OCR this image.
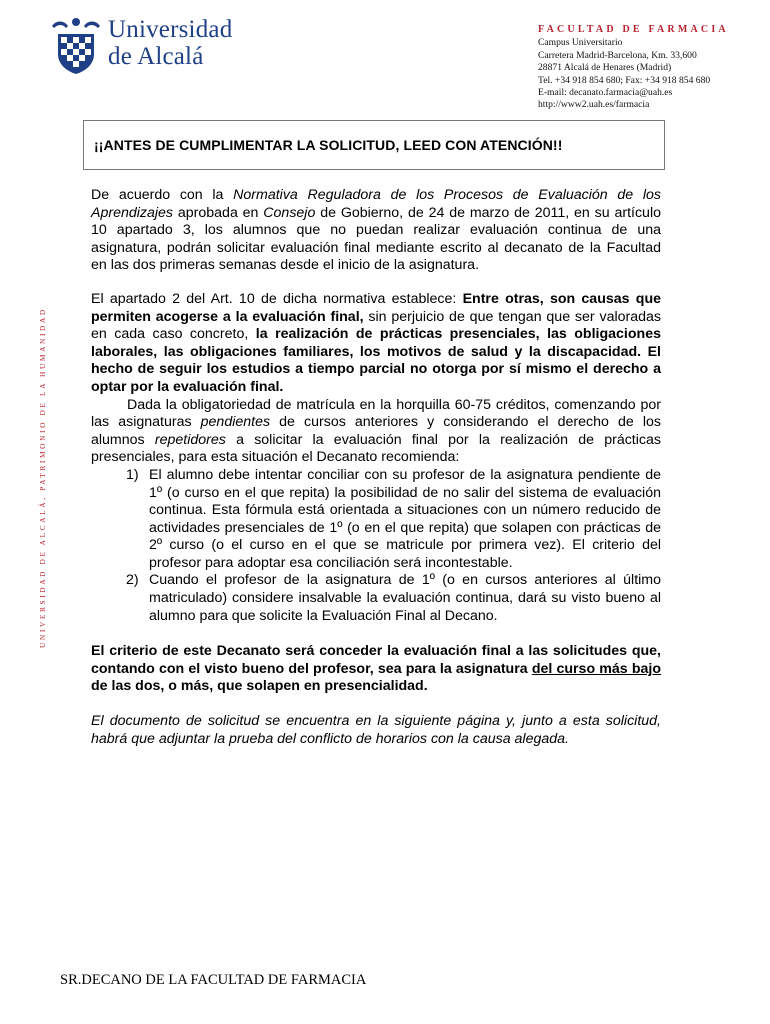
Universidad
de Alcalá
FACULTAD DE FARMACIA
Campus Universitario
Carretera Madrid-Barcelona, Km. 33,600
28871 Alcalá de Henares (Madrid)
Tel. +34 918 854 680; Fax: +34 918 854 680
E-mail: decanato.farmacia@uah.es
http://www2.uah.es/farmacia
UNIVERSIDAD DE ALCALÁ, PATRIMONIO DE LA HUMANIDAD
¡¡ANTES DE CUMPLIMENTAR LA SOLICITUD, LEED CON ATENCIÓN!!

De acuerdo con la Normativa Reguladora de los Procesos de Evaluación de los Aprendizajes aprobada en Consejo de Gobierno, de 24 de marzo de 2011, en su artículo 10 apartado 3, los alumnos que no puedan realizar evaluación continua de una asignatura, podrán solicitar evaluación final mediante escrito al decanato de la Facultad en las dos primeras semanas desde el inicio de la asignatura.

El apartado 2 del Art. 10 de dicha normativa establece: Entre otras, son causas que permiten acogerse a la evaluación final, sin perjuicio de que tengan que ser valoradas en cada caso concreto, la realización de prácticas presenciales, las obligaciones laborales, las obligaciones familiares, los motivos de salud y la discapacidad. El hecho de seguir los estudios a tiempo parcial no otorga por sí mismo el derecho a optar por la evaluación final.

Dada la obligatoriedad de matrícula en la horquilla 60-75 créditos, comenzando por las asignaturas pendientes de cursos anteriores y considerando el derecho de los alumnos repetidores a solicitar la evaluación final por la realización de prácticas presenciales, para esta situación el Decanato recomienda:

1) El alumno debe intentar conciliar con su profesor de la asignatura pendiente de 1º (o curso en el que repita) la posibilidad de no salir del sistema de evaluación continua. Esta fórmula está orientada a situaciones con un número reducido de actividades presenciales de 1º (o en el que repita) que solapen con prácticas de 2º curso (o el curso en el que se matricule por primera vez). El criterio del profesor para adoptar esa conciliación será incontestable.
2) Cuando el profesor de la asignatura de 1º (o en cursos anteriores al último matriculado) considere insalvable la evaluación continua, dará su visto bueno al alumno para que solicite la Evaluación Final al Decano.

El criterio de este Decanato será conceder la evaluación final a las solicitudes que, contando con el visto bueno del profesor, sea para la asignatura del curso más bajo de las dos, o más, que solapen en presencialidad.

El documento de solicitud se encuentra en la siguiente página y, junto a esta solicitud, habrá que adjuntar la prueba del conflicto de horarios con la causa alegada.

SR.DECANO DE LA FACULTAD DE FARMACIA
